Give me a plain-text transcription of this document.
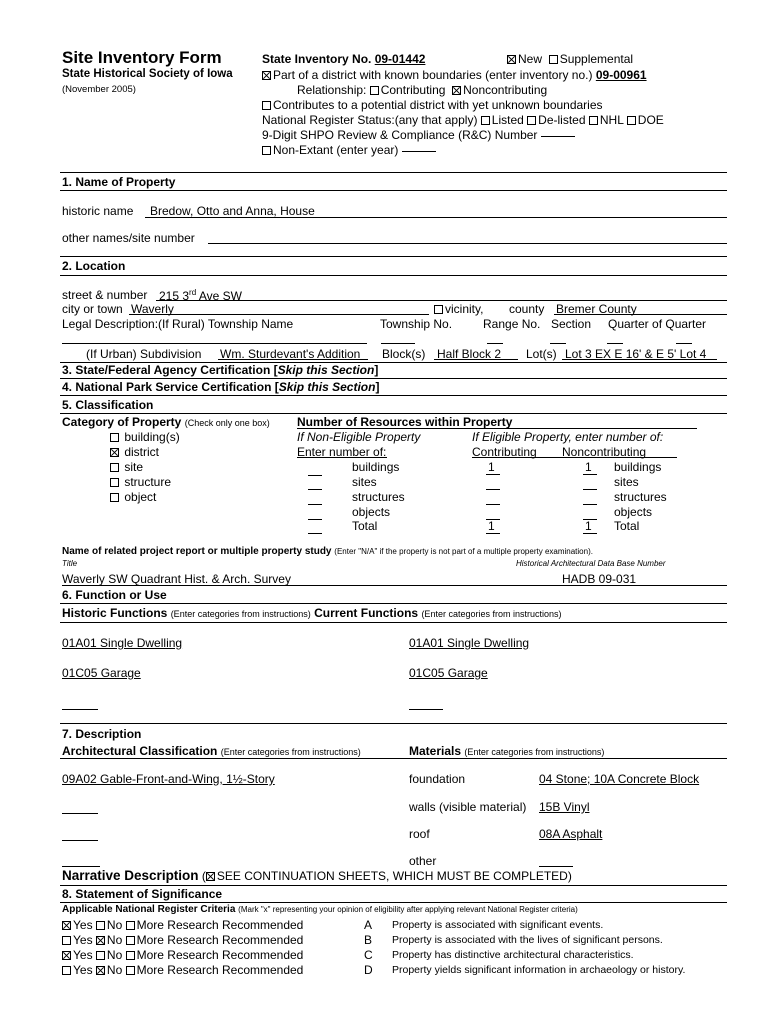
Site Inventory Form
State Historical Society of Iowa
(November 2005)
State Inventory No. 09-01442	New Supplemental
Part of a district with known boundaries (enter inventory no.) 09-00961
Relationship: Contributing Noncontributing
Contributes to a potential district with yet unknown boundaries
National Register Status:(any that apply) Listed De-listed NHL DOE
9-Digit SHPO Review & Compliance (R&C) Number
Non-Extant (enter year)
1. Name of Property
historic name Bredow, Otto and Anna, House
other names/site number
2. Location
street & number 215 3rd Ave SW
city or town Waverly	vicinity, county Bremer County
Legal Description:(If Rural) Township Name	Township No.	Range No. Section Quarter of Quarter
(If Urban) Subdivision Wm. Sturdevant's Addition Block(s) Half Block 2 Lot(s) Lot 3 EX E 16' & E 5' Lot 4
3. State/Federal Agency Certification [Skip this Section]
4. National Park Service Certification [Skip this Section]
5. Classification
Category of Property (Check only one box)
building(s)
district
site
structure
object
Number of Resources within Property
If Non-Eligible Property
Enter number of:
If Eligible Property, enter number of:
Contributing Noncontributing
buildings	1	1 buildings
sites	sites
structures	structures
objects	objects
Total	1	1 Total
Name of related project report or multiple property study (Enter "N/A" if the property is not part of a multiple property examination).
Title	Historical Architectural Data Base Number
Waverly SW Quadrant Hist. & Arch. Survey	HADB 09-031
6. Function or Use
Historic Functions (Enter categories from instructions) Current Functions (Enter categories from instructions)
01A01 Single Dwelling	01A01 Single Dwelling
01C05 Garage	01C05 Garage
7. Description
Architectural Classification (Enter categories from instructions)	Materials (Enter categories from instructions)
09A02 Gable-Front-and-Wing, 1½-Story	foundation	04 Stone; 10A Concrete Block
walls (visible material) 15B Vinyl
roof	08A Asphalt
other
Narrative Description ( SEE CONTINUATION SHEETS, WHICH MUST BE COMPLETED)
8. Statement of Significance
Applicable National Register Criteria (Mark "x" representing your opinion of eligibility after applying relevant National Register criteria)
Yes No More Research Recommended	A Property is associated with significant events.
Yes No More Research Recommended	B Property is associated with the lives of significant persons.
Yes No More Research Recommended	C Property has distinctive architectural characteristics.
Yes No More Research Recommended	D Property yields significant information in archaeology or history.
